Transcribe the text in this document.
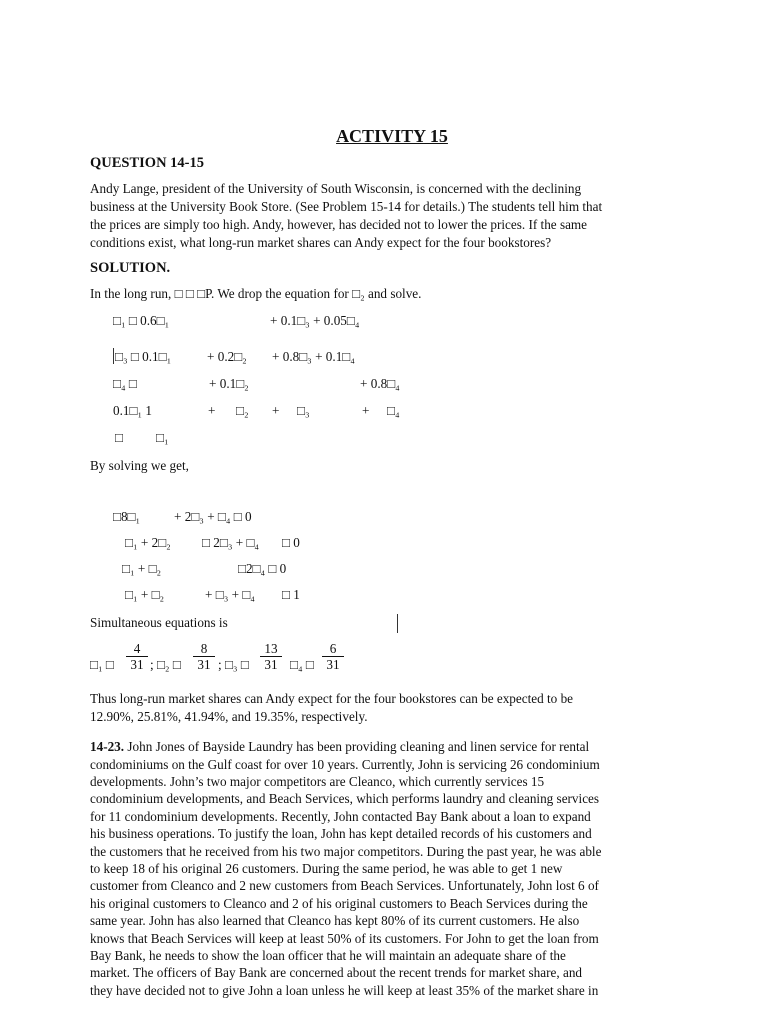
ACTIVITY 15
QUESTION 14-15
Andy Lange, president of the University of South Wisconsin, is concerned with the declining
business at the University Book Store. (See Problem 15-14 for details.) The students tell him that
the prices are simply too high. Andy, however, has decided not to lower the prices. If the same
conditions exist, what long-run market shares can Andy expect for the four bookstores?
SOLUTION.
In the long run, □ □ □P. We drop the equation for □₂ and solve.
□₁ □ 0.6□₁	+ 0.1□₃ + 0.05□₄
□₃ □ 0.1□₁	+ 0.2□₂ + 0.8□₃ + 0.1□₄
□₄ □	+ 0.1□₂	+ 0.8□₄
0.1□₁ 1	+ □₂ + □₃	+ □₄
□	□₁
By solving we get,
□8□₁	+ 2□₃ + □₄ □ 0
□₁ + 2□₂ □ 2□₃ + □₄ □ 0
□₁ + □₂	□2□₄ □ 0
□₁ + □₂	+ □₃ + □₄ □ 1
Simultaneous equations is
□₁ □
4
31 ; □₂ □
8
31 ; □₃ □
13
31 □₄ □
6
31
Thus long-run market shares can Andy expect for the four bookstores can be expected to be
12.90%, 25.81%, 41.94%, and 19.35%, respectively.
14-23. John Jones of Bayside Laundry has been providing cleaning and linen service for rental
condominiums on the Gulf coast for over 10 years. Currently, John is servicing 26 condominium
developments. John’s two major competitors are Cleanco, which currently services 15
condominium developments, and Beach Services, which performs laundry and cleaning services
for 11 condominium developments. Recently, John contacted Bay Bank about a loan to expand
his business operations. To justify the loan, John has kept detailed records of his customers and
the customers that he received from his two major competitors. During the past year, he was able
to keep 18 of his original 26 customers. During the same period, he was able to get 1 new
customer from Cleanco and 2 new customers from Beach Services. Unfortunately, John lost 6 of
his original customers to Cleanco and 2 of his original customers to Beach Services during the
same year. John has also learned that Cleanco has kept 80% of its current customers. He also
knows that Beach Services will keep at least 50% of its customers. For John to get the loan from
Bay Bank, he needs to show the loan officer that he will maintain an adequate share of the
market. The officers of Bay Bank are concerned about the recent trends for market share, and
they have decided not to give John a loan unless he will keep at least 35% of the market share in
